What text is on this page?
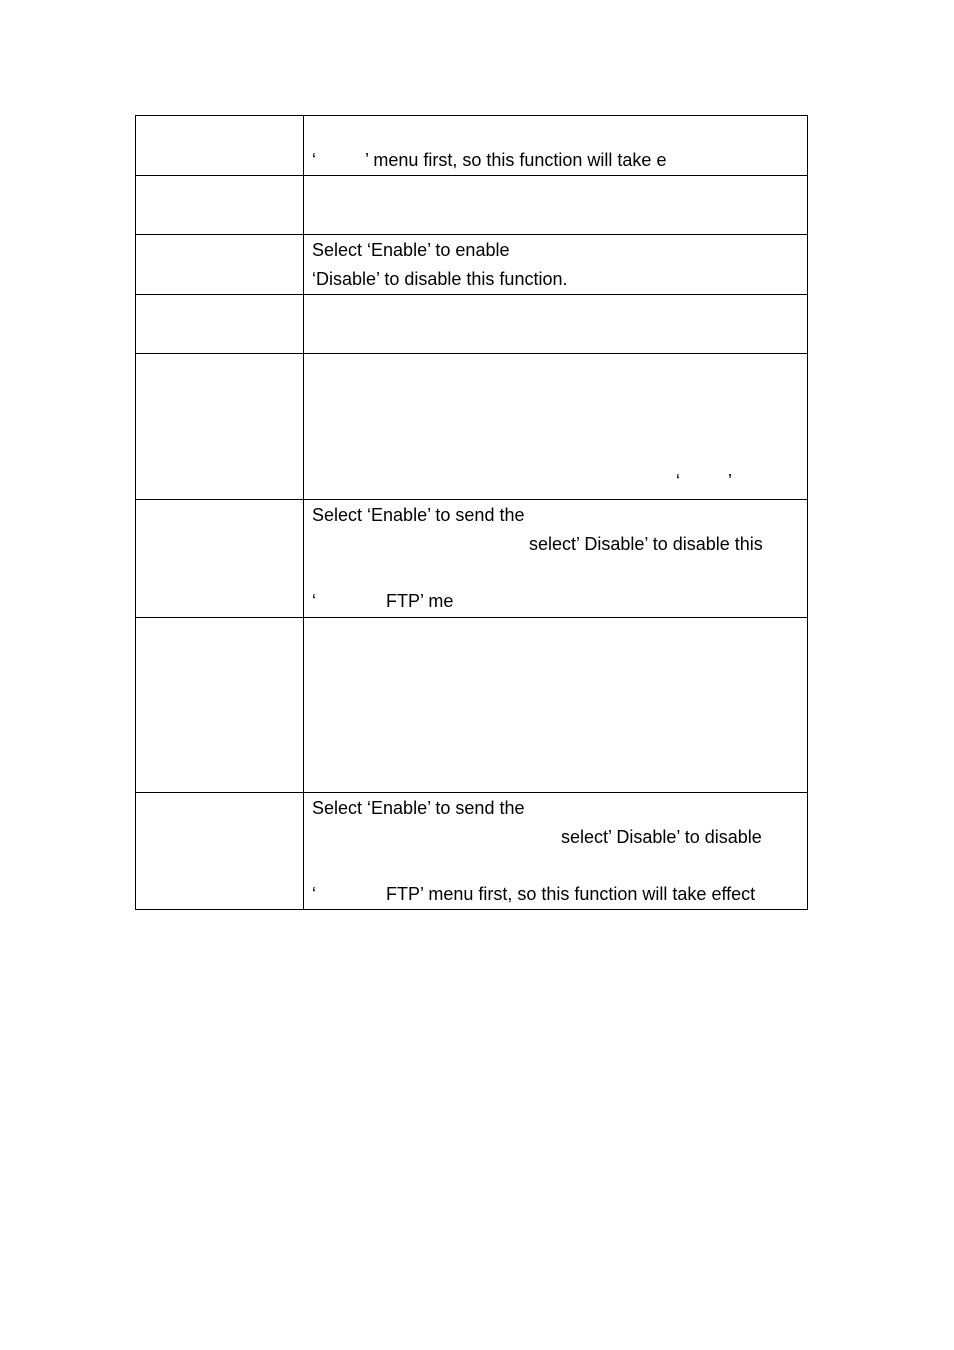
	‘ ’ menu first, so this function will take e

	Select ‘Enable’ to enable
‘Disable’ to disable this function.

	‘ ’

	Select ‘Enable’ to send the
select’ Disable’ to disable this
‘ FTP’ me

	Select ‘Enable’ to send the
select’ Disable’ to disable
‘ FTP’ menu first, so this function will take effect
